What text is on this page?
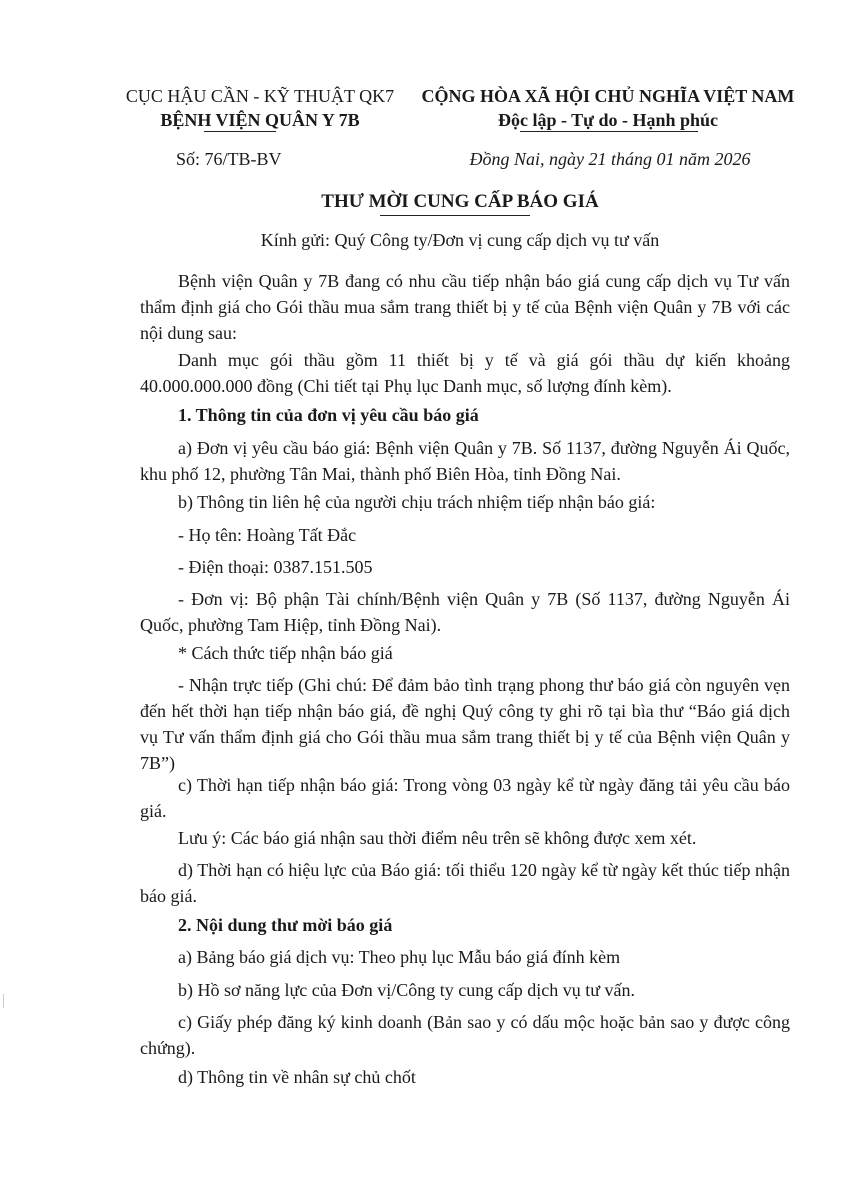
CỤC HẬU CẦN - KỸ THUẬT QK7
BỆNH VIỆN QUÂN Y 7B
CỘNG HÒA XÃ HỘI CHỦ NGHĨA VIỆT NAM
Độc lập - Tự do - Hạnh phúc
Số: 76/TB-BV	Đồng Nai, ngày 21 tháng 01 năm 2026
THƯ MỜI CUNG CẤP BÁO GIÁ
Kính gửi: Quý Công ty/Đơn vị cung cấp dịch vụ tư vấn
Bệnh viện Quân y 7B đang có nhu cầu tiếp nhận báo giá cung cấp dịch vụ Tư vấn thẩm định giá cho Gói thầu mua sắm trang thiết bị y tế của Bệnh viện Quân y 7B với các nội dung sau:
Danh mục gói thầu gồm 11 thiết bị y tế và giá gói thầu dự kiến khoảng 40.000.000.000 đồng (Chi tiết tại Phụ lục Danh mục, số lượng đính kèm).
1. Thông tin của đơn vị yêu cầu báo giá
a) Đơn vị yêu cầu báo giá: Bệnh viện Quân y 7B. Số 1137, đường Nguyễn Ái Quốc, khu phố 12, phường Tân Mai, thành phố Biên Hòa, tỉnh Đồng Nai.
b) Thông tin liên hệ của người chịu trách nhiệm tiếp nhận báo giá:
- Họ tên: Hoàng Tất Đắc
- Điện thoại: 0387.151.505
- Đơn vị: Bộ phận Tài chính/Bệnh viện Quân y 7B (Số 1137, đường Nguyễn Ái Quốc, phường Tam Hiệp, tỉnh Đồng Nai).
* Cách thức tiếp nhận báo giá
- Nhận trực tiếp (Ghi chú: Để đảm bảo tình trạng phong thư báo giá còn nguyên vẹn đến hết thời hạn tiếp nhận báo giá, đề nghị Quý công ty ghi rõ tại bìa thư “Báo giá dịch vụ Tư vấn thẩm định giá cho Gói thầu mua sắm trang thiết bị y tế của Bệnh viện Quân y 7B”)
c) Thời hạn tiếp nhận báo giá: Trong vòng 03 ngày kể từ ngày đăng tải yêu cầu báo giá.
Lưu ý: Các báo giá nhận sau thời điểm nêu trên sẽ không được xem xét.
d) Thời hạn có hiệu lực của Báo giá: tối thiểu 120 ngày kể từ ngày kết thúc tiếp nhận báo giá.
2. Nội dung thư mời báo giá
a) Bảng báo giá dịch vụ: Theo phụ lục Mẫu báo giá đính kèm
b) Hồ sơ năng lực của Đơn vị/Công ty cung cấp dịch vụ tư vấn.
c) Giấy phép đăng ký kinh doanh (Bản sao y có dấu mộc hoặc bản sao y được công chứng).
d) Thông tin về nhân sự chủ chốt
